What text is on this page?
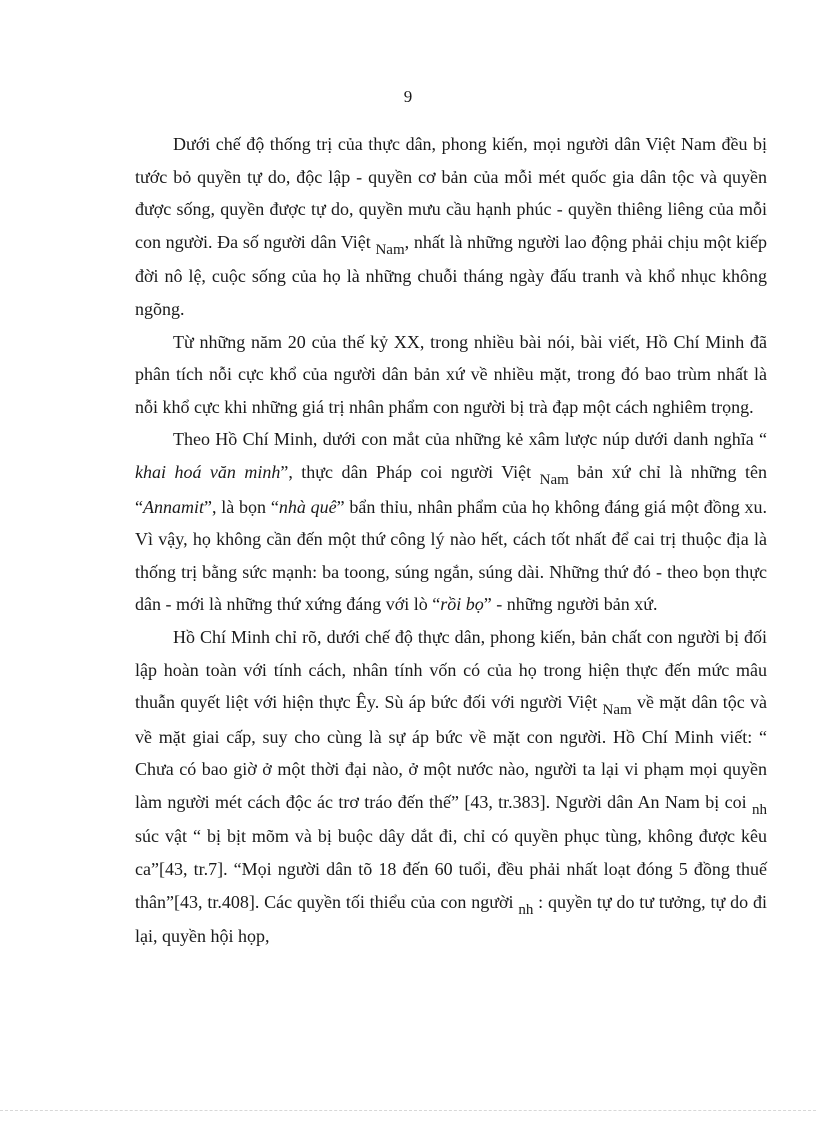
9

Dưới chế độ thống trị của thực dân, phong kiến, mọi người dân Việt Nam đều bị tước bỏ quyền tự do, độc lập - quyền cơ bản của mỗi mét quốc gia dân tộc và quyền được sống, quyền được tự do, quyền mưu cầu hạnh phúc - quyền thiêng liêng của mỗi con người. Đa số người dân Việt $_{Nam}$, nhất là những người lao động phải chịu một kiếp đời nô lệ, cuộc sống của họ là những chuỗi tháng ngày đấu tranh và khổ nhục không ngõng.

Từ những năm 20 của thế kỷ XX, trong nhiều bài nói, bài viết, Hồ Chí Minh đã phân tích nỗi cực khổ của người dân bản xứ về nhiều mặt, trong đó bao trùm nhất là nỗi khổ cực khi những giá trị nhân phẩm con người bị trà đạp một cách nghiêm trọng.

Theo Hồ Chí Minh, dưới con mắt của những kẻ xâm lược núp dưới danh nghĩa “ khai hoá văn minh”, thực dân Pháp coi người Việt $_{Nam}$ bản xứ chỉ là những tên “Annamit”, là bọn “nhà quê” bẩn thỉu, nhân phẩm của họ không đáng giá một đồng xu. Vì vậy, họ không cần đến một thứ công lý nào hết, cách tốt nhất để cai trị thuộc địa là thống trị bằng sức mạnh: ba toong, súng ngắn, súng dài. Những thứ đó - theo bọn thực dân - mới là những thứ xứng đáng với lò “rồi bọ” - những người bản xứ.

Hồ Chí Minh chỉ rõ, dưới chế độ thực dân, phong kiến, bản chất con người bị đối lập hoàn toàn với tính cách, nhân tính vốn có của họ trong hiện thực đến mức mâu thuẫn quyết liệt với hiện thực Êy. Sù áp bức đối với người Việt $_{Nam}$ về mặt dân tộc và về mặt giai cấp, suy cho cùng là sự áp bức về mặt con người. Hồ Chí Minh viết: “ Chưa có bao giờ ở một thời đại nào, ở một nước nào, người ta lại vi phạm mọi quyền làm người mét cách độc ác trơ tráo đến thế” [43, tr.383]. Người dân An Nam bị coi $_{nh}$ súc vật “ bị bịt mõm và bị buộc dây dắt đi, chỉ có quyền phục tùng, không được kêu ca”[43, tr.7]. “Mọi người dân tõ 18 đến 60 tuổi, đều phải nhất loạt đóng 5 đồng thuế thân”[43, tr.408]. Các quyền tối thiểu của con người $_{nh}$ : quyền tự do tư tưởng, tự do đi lại, quyền hội họp,
